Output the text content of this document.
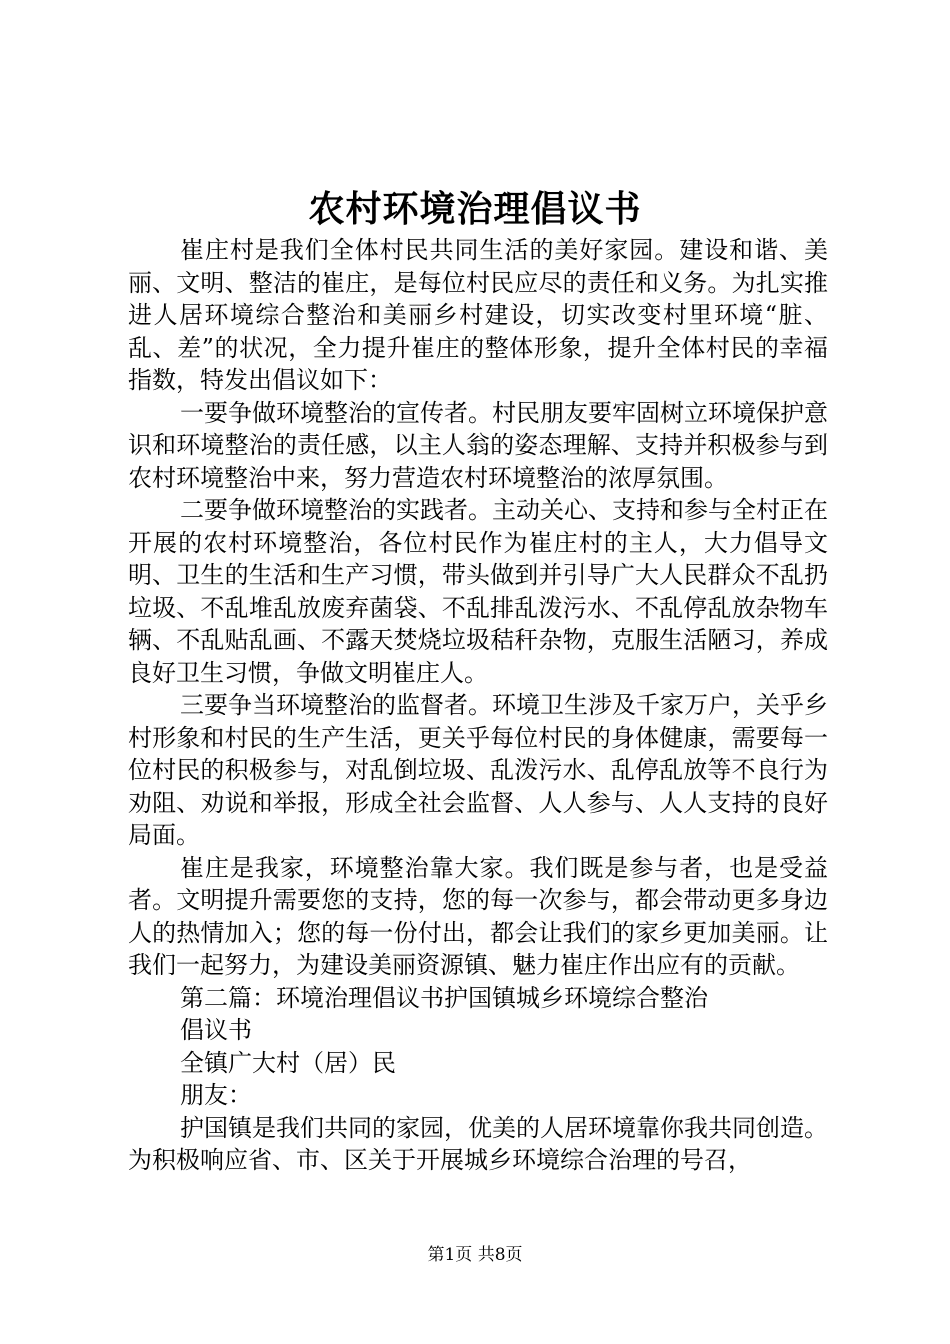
农村环境治理倡议书

崔庄村是我们全体村民共同生活的美好家园。建设和谐、美丽、文明、整洁的崔庄，是每位村民应尽的责任和义务。为扎实推进人居环境综合整治和美丽乡村建设，切实改变村里环境“脏、乱、差”的状况，全力提升崔庄的整体形象，提升全体村民的幸福指数，特发出倡议如下：

一要争做环境整治的宣传者。村民朋友要牢固树立环境保护意识和环境整治的责任感，以主人翁的姿态理解、支持并积极参与到农村环境整治中来，努力营造农村环境整治的浓厚氛围。

二要争做环境整治的实践者。主动关心、支持和参与全村正在开展的农村环境整治，各位村民作为崔庄村的主人，大力倡导文明、卫生的生活和生产习惯，带头做到并引导广大人民群众不乱扔垃圾、不乱堆乱放废弃菌袋、不乱排乱泼污水、不乱停乱放杂物车辆、不乱贴乱画、不露天焚烧垃圾秸秆杂物，克服生活陋习，养成良好卫生习惯，争做文明崔庄人。

三要争当环境整治的监督者。环境卫生涉及千家万户，关乎乡村形象和村民的生产生活，更关乎每位村民的身体健康，需要每一位村民的积极参与，对乱倒垃圾、乱泼污水、乱停乱放等不良行为劝阻、劝说和举报，形成全社会监督、人人参与、人人支持的良好局面。

崔庄是我家，环境整治靠大家。我们既是参与者，也是受益者。文明提升需要您的支持，您的每一次参与，都会带动更多身边人的热情加入；您的每一份付出，都会让我们的家乡更加美丽。让我们一起努力，为建设美丽资源镇、魅力崔庄作出应有的贡献。

第二篇：环境治理倡议书护国镇城乡环境综合整治

倡议书

全镇广大村（居）民

朋友：

护国镇是我们共同的家园，优美的人居环境靠你我共同创造。为积极响应省、市、区关于开展城乡环境综合治理的号召，

第1页 共8页
